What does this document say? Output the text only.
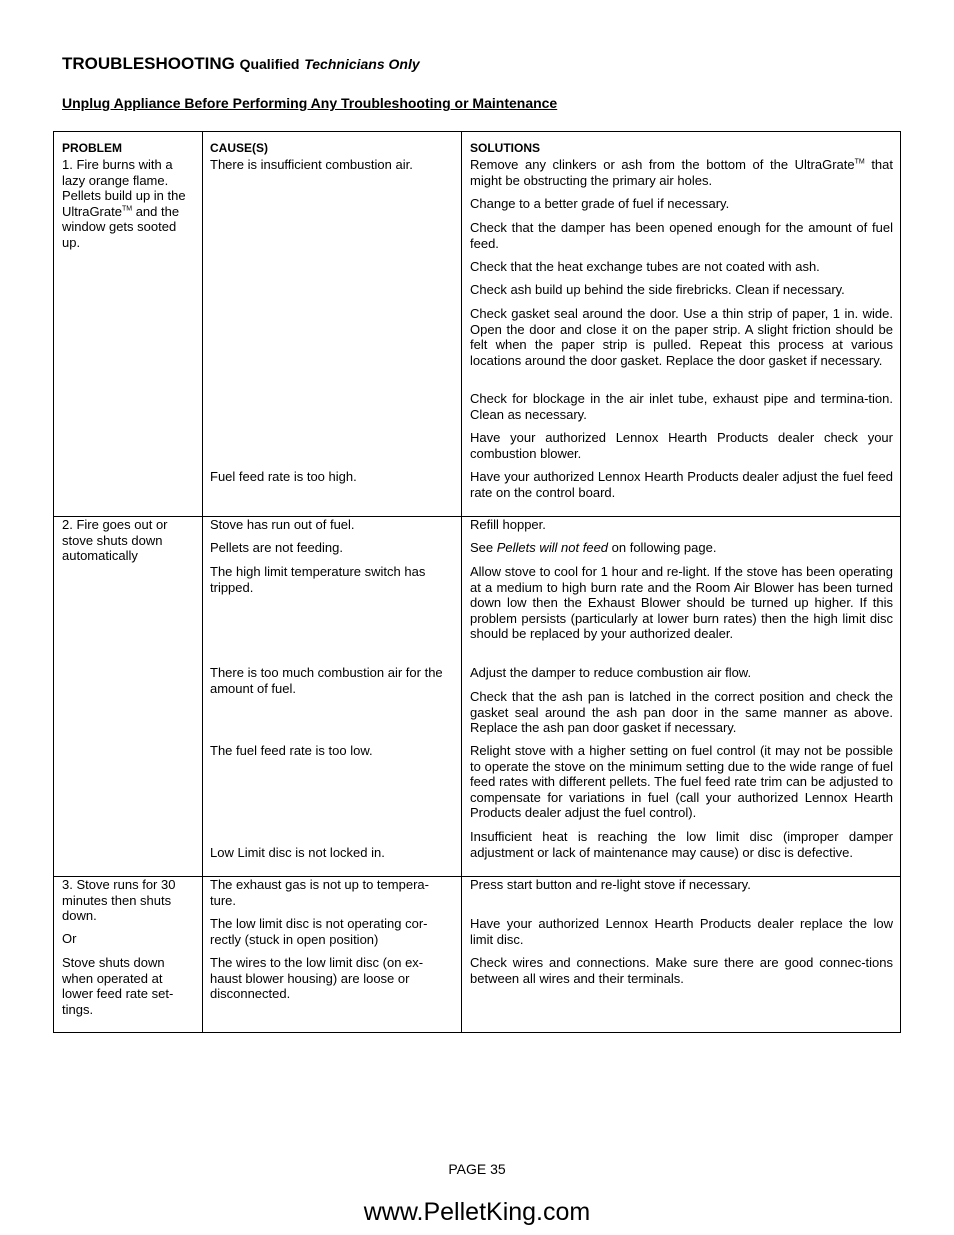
TROUBLESHOOTING Qualified Technicians Only
Unplug Appliance Before Performing Any Troubleshooting or Maintenance
PROBLEM	CAUSE(S)	SOLUTIONS
1. Fire burns with a lazy orange flame. Pellets build up in the UltraGrate™ and the window gets sooted up.
There is insufficient combustion air.
Fuel feed rate is too high.
Remove any clinkers or ash from the bottom of the UltraGrate™ that might be obstructing the primary air holes.
Change to a better grade of fuel if necessary.
Check that the damper has been opened enough for the amount of fuel feed.
Check that the heat exchange tubes are not coated with ash.
Check ash build up behind the side firebricks. Clean if necessary.
Check gasket seal around the door. Use a thin strip of paper, 1 in. wide. Open the door and close it on the paper strip. A slight friction should be felt when the paper strip is pulled. Repeat this process at various locations around the door gasket. Replace the door gasket if necessary.
Check for blockage in the air inlet tube, exhaust pipe and termina-tion. Clean as necessary.
Have your authorized Lennox Hearth Products dealer check your combustion blower.
Have your authorized Lennox Hearth Products dealer adjust the fuel feed rate on the control board.
2. Fire goes out or stove shuts down automatically
Stove has run out of fuel.
Pellets are not feeding.
The high limit temperature switch has tripped.
There is too much combustion air for the amount of fuel.
The fuel feed rate is too low.
Low Limit disc is not locked in.
Refill hopper.
See Pellets will not feed on following page.
Allow stove to cool for 1 hour and re-light. If the stove has been operating at a medium to high burn rate and the Room Air Blower has been turned down low then the Exhaust Blower should be turned up higher. If this problem persists (particularly at lower burn rates) then the high limit disc should be replaced by your authorized dealer.
Adjust the damper to reduce combustion air flow.
Check that the ash pan is latched in the correct position and check the gasket seal around the ash pan door in the same manner as above. Replace the ash pan door gasket if necessary.
Relight stove with a higher setting on fuel control (it may not be possible to operate the stove on the minimum setting due to the wide range of fuel feed rates with different pellets. The fuel feed rate trim can be adjusted to compensate for variations in fuel (call your authorized Lennox Hearth Products dealer adjust the fuel control).
Insufficient heat is reaching the low limit disc (improper damper adjustment or lack of maintenance may cause) or disc is defective.
3. Stove runs for 30 minutes then shuts down.
Or
Stove shuts down when operated at lower feed rate set-tings.
The exhaust gas is not up to tempera-ture.
The low limit disc is not operating cor-rectly (stuck in open position)
The wires to the low limit disc (on ex-haust blower housing) are loose or disconnected.
Press start button and re-light stove if necessary.
Have your authorized Lennox Hearth Products dealer replace the low limit disc.
Check wires and connections. Make sure there are good connec-tions between all wires and their terminals.
PAGE 35
www.PelletKing.com
